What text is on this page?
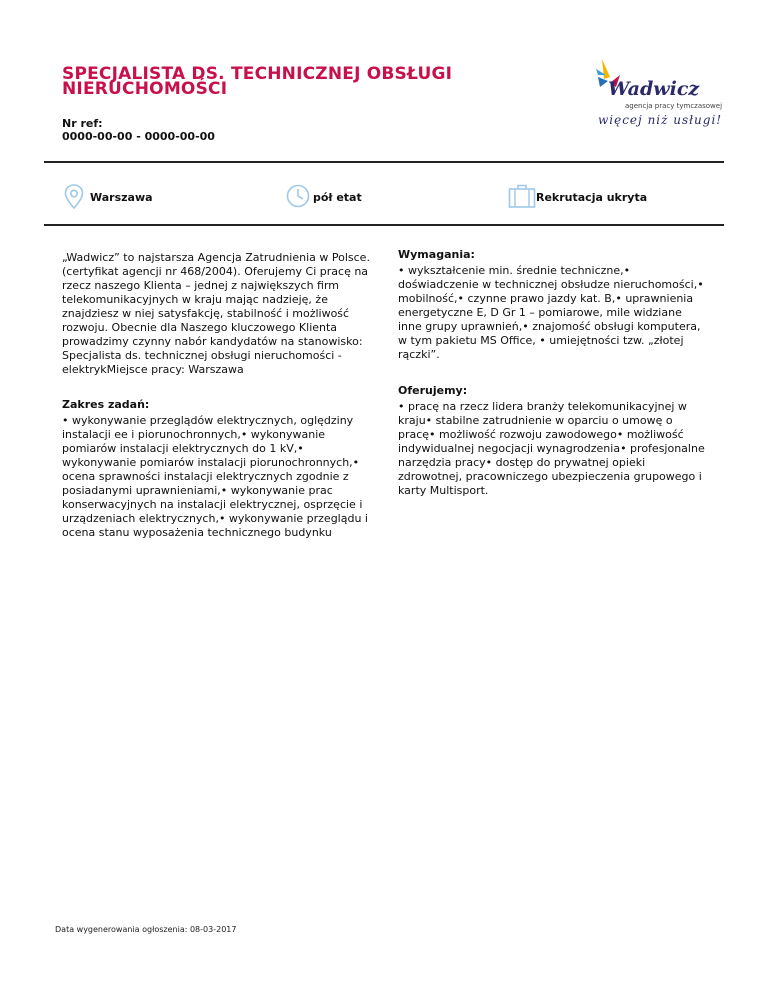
SPECJALISTA DS. TECHNICZNEJ OBSŁUGI NIERUCHOMOŚCI
Nr ref:
0000-00-00 - 0000-00-00
Wadwicz
agencja pracy tymczasowej
więcej niż usługi!
Warszawa	pół etat	Rekrutacja ukryta

„Wadwicz” to najstarsza Agencja Zatrudnienia w Polsce. (certyfikat agencji nr 468/2004). Oferujemy Ci pracę na rzecz naszego Klienta – jednej z największych firm telekomunikacyjnych w kraju mając nadzieję, że znajdziesz w niej satysfakcję, stabilność i możliwość rozwoju. Obecnie dla Naszego kluczowego Klienta prowadzimy czynny nabór kandydatów na stanowisko: Specjalista ds. technicznej obsługi nieruchomości - elektrykMiejsce pracy: Warszawa

Zakres zadań:

• wykonywanie przeglądów elektrycznych, oględziny instalacji ee i piorunochronnych,• wykonywanie pomiarów instalacji elektrycznych do 1 kV,• wykonywanie pomiarów instalacji piorunochronnych,• ocena sprawności instalacji elektrycznych zgodnie z posiadanymi uprawnieniami,• wykonywanie prac konserwacyjnych na instalacji elektrycznej, osprzęcie i urządzeniach elektrycznych,• wykonywanie przeglądu i ocena stanu wyposażenia technicznego budynku

Wymagania:

• wykształcenie min. średnie techniczne,• doświadczenie w technicznej obsłudze nieruchomości,• mobilność,• czynne prawo jazdy kat. B,• uprawnienia energetyczne E, D Gr 1 – pomiarowe, mile widziane inne grupy uprawnień,• znajomość obsługi komputera, w tym pakietu MS Office, • umiejętności tzw. „złotej rączki”.

Oferujemy:

• pracę na rzecz lidera branży telekomunikacyjnej w kraju• stabilne zatrudnienie w oparciu o umowę o pracę• możliwość rozwoju zawodowego• możliwość indywidualnej negocjacji wynagrodzenia• profesjonalne narzędzia pracy• dostęp do prywatnej opieki zdrowotnej, pracowniczego ubezpieczenia grupowego i karty Multisport.

Data wygenerowania ogłoszenia: 08-03-2017
